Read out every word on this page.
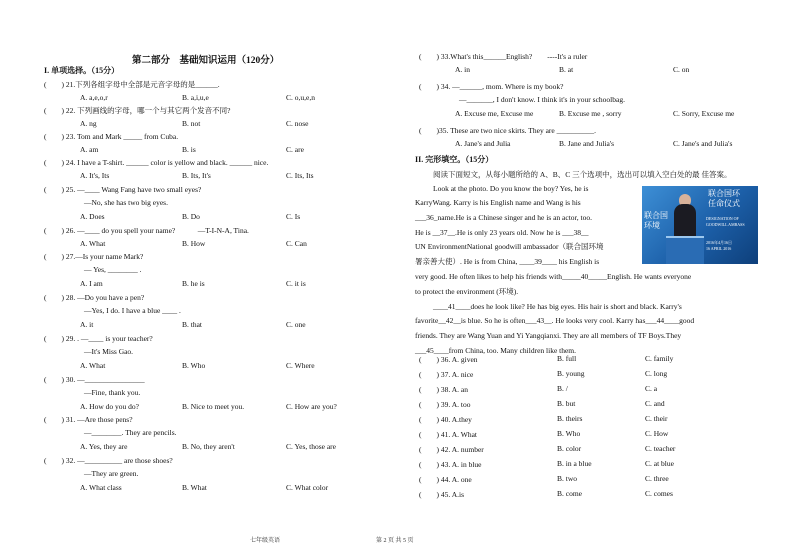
第二部分　基础知识运用（120分）
I. 单项选择。（15分）
(　　) 21.下列各组字母中全部是元音字母的是______.
A. a,e,o,r	B. a,i,u,e	C. o,u,e,n
(　　) 22. 下列画线的字母，哪一个与其它两个发音不同?
A. ng	B. not	C. nose
(　　) 23. Tom and Mark _____ from Cuba.
A. am	B. is	C. are
(　　) 24. I have a T-shirt. ______ color is yellow and black. ______ nice.
A. It's, Its	B. Its, It's	C. Its, Its
(　　) 25. —____ Wang Fang have two small eyes?
—No, she has two big eyes.
A. Does	B. Do	C. Is
(　　) 26. —____ do you spell your name?　　　—T-I-N-A, Tina.
A. What	B. How	C. Can
(　　) 27.—Is your name Mark?
— Yes, ________ .
A. I am	B. he is	C. it is
(　　) 28. —Do you have a pen?
—Yes, I do. I have a blue ____ .
A. it	B. that	C. one
(　　) 29. . —____ is your teacher?
—It's Miss Gao.
A. What	B. Who	C. Where
(　　) 30. —________________
—Fine, thank you.
A. How do you do?	B. Nice to meet you.	C. How are you?
(　　) 31. —Are those pens?
—________. They are pencils.
A. Yes, they are	B. No, they aren't	C. Yes, those are
(　　) 32. —__________ are those shoes?
—They are green.
A. What class	B. What	C. What color
(　　) 33.What's this______English?　　----It's a ruler
A. in	B. at	C. on
(　　) 34. —______, mom. Where is my book?
—_______, I don't know. I think it's in your schoolbag.
A. Excuse me, Excuse me	B. Excuse me , sorry	C. Sorry, Excuse me
(　　)35. These are two nice skirts. They are __________.
A. Jane's and Julia	B. Jane and Julia's	C. Jane's and Julia's
II. 完形填空。（15分）
阅读下面短文，从每小题所给的 A、B、C 三个选项中，选出可以填入空白处的最 佳答案。
Look at the photo. Do you know the boy? Yes, he is
KarryWang. Karry is his English name and Wang is his
___36_name.He is a Chinese singer and he is an actor, too.
He is __37__.He is only 23 years old. Now he is ___38__
UN EnvironmentNational goodwill ambassador（联合国环境
署亲善大使）. He is from China, ____39____ his English is
very good. He often likes to help his friends with_____40_____English. He wants everyone
to protect the environment (环境).
____41____does he look like? He has big eyes. His hair is short and black. Karry's
favorite__42__is blue. So he is often___43__. He looks very cool. Karry has___44____good
friends. They are Wang Yuan and Yi Yangqianxi. They are all members of TF Boys.They
___45____from China, too. Many children like them.
联合国环
任命仪式
联合国
环境
DESIGNATION OF
GOODWILL AMBASS
2016年4月16日
16 APRIL 2016
(　　) 36. A. given	B. full	C. family
(　　) 37. A. nice	B. young	C. long
(　　) 38. A. an	B. /	C. a
(　　) 39. A. too	B. but	C. and
(　　) 40. A.they	B. theirs	C. their
(　　) 41. A. What	B. Who	C. How
(　　) 42. A. number	B. color	C. teacher
(　　) 43. A. in blue	B. in a blue	C. at blue
(　　) 44. A. one	B. two	C. three
(　　) 45. A.is	B. come	C. comes
七年级英语	第 2 页 共 5 页
